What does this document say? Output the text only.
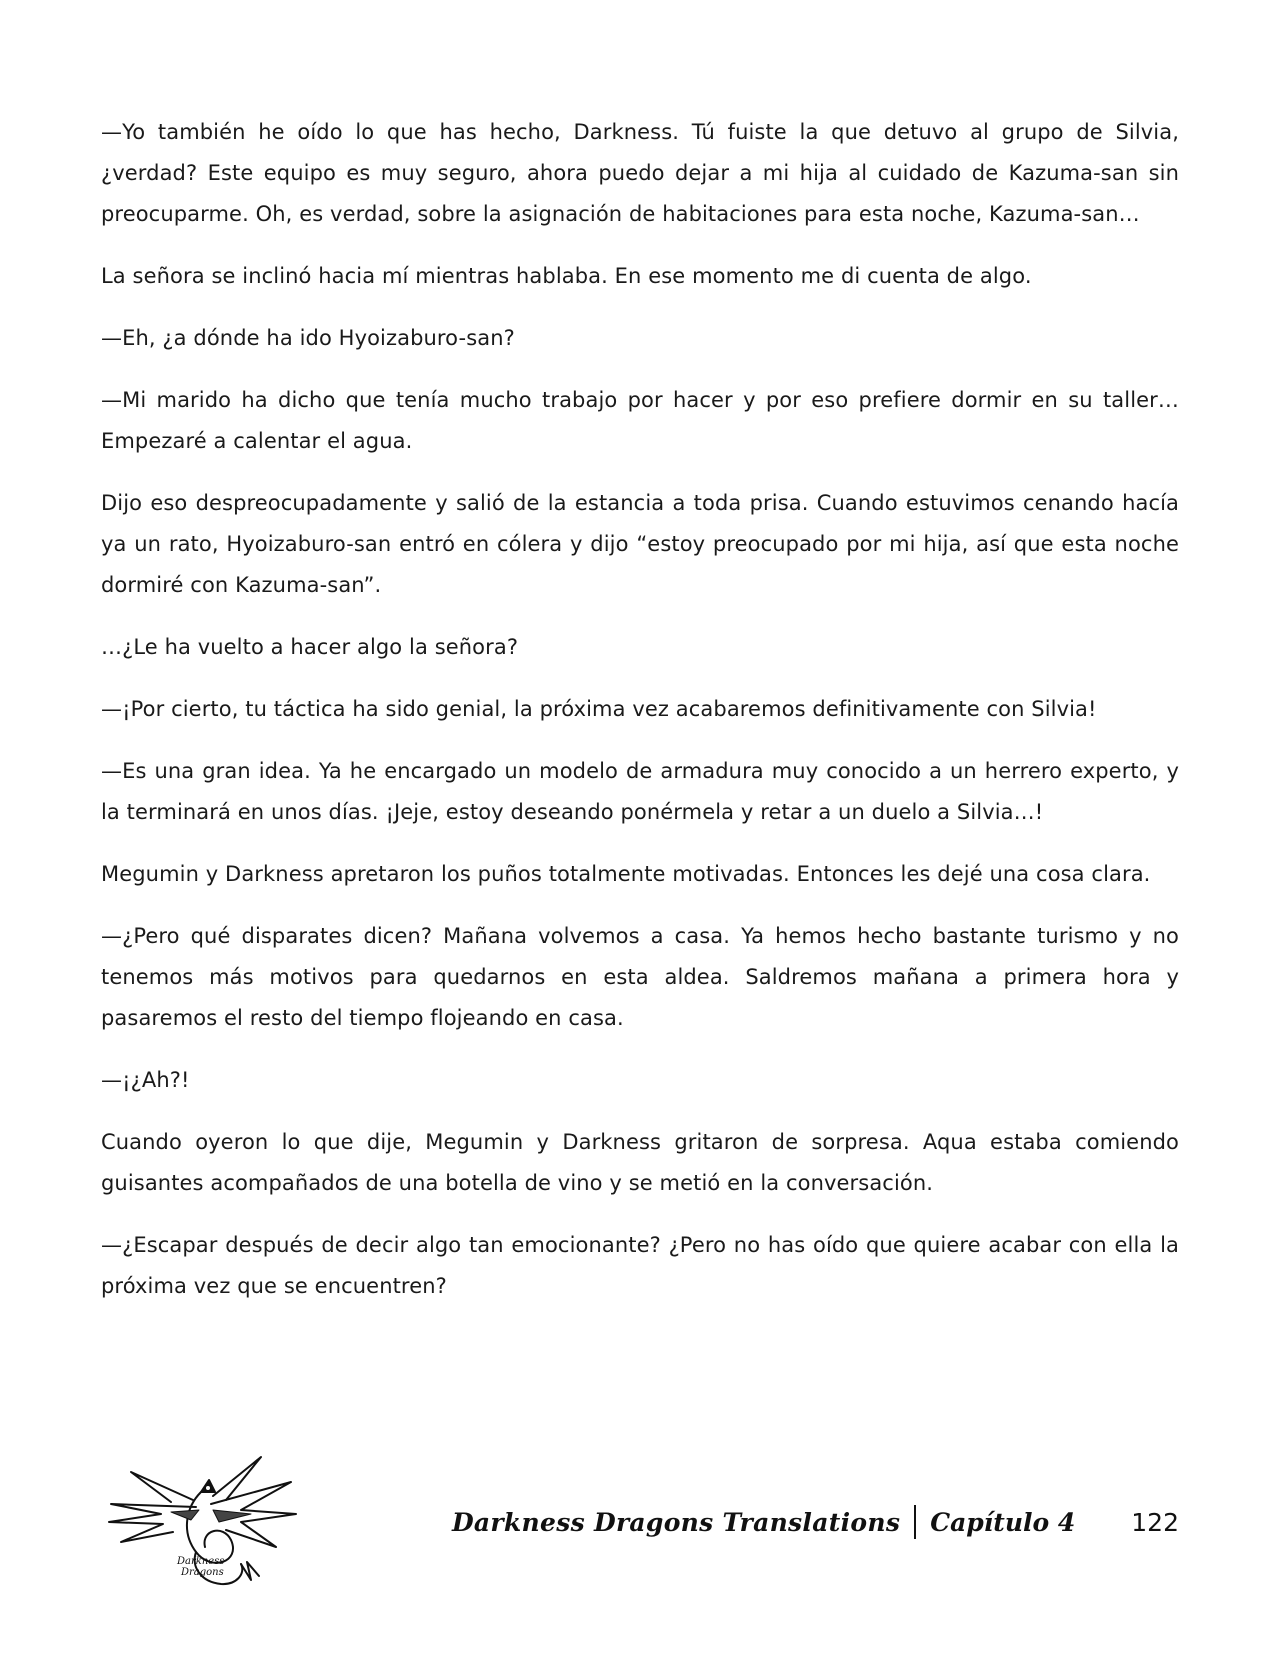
—Yo también he oído lo que has hecho, Darkness. Tú fuiste la que detuvo al grupo de Silvia, ¿verdad? Este equipo es muy seguro, ahora puedo dejar a mi hija al cuidado de Kazuma-san sin preocuparme. Oh, es verdad, sobre la asignación de habitaciones para esta noche, Kazuma-san…

La señora se inclinó hacia mí mientras hablaba. En ese momento me di cuenta de algo.

—Eh, ¿a dónde ha ido Hyoizaburo-san?

—Mi marido ha dicho que tenía mucho trabajo por hacer y por eso prefiere dormir en su taller… Empezaré a calentar el agua.

Dijo eso despreocupadamente y salió de la estancia a toda prisa. Cuando estuvimos cenando hacía ya un rato, Hyoizaburo-san entró en cólera y dijo “estoy preocupado por mi hija, así que esta noche dormiré con Kazuma-san”.

…¿Le ha vuelto a hacer algo la señora?

—¡Por cierto, tu táctica ha sido genial, la próxima vez acabaremos definitivamente con Silvia!

—Es una gran idea. Ya he encargado un modelo de armadura muy conocido a un herrero experto, y la terminará en unos días. ¡Jeje, estoy deseando ponérmela y retar a un duelo a Silvia…!

Megumin y Darkness apretaron los puños totalmente motivadas. Entonces les dejé una cosa clara.

—¿Pero qué disparates dicen? Mañana volvemos a casa. Ya hemos hecho bastante turismo y no tenemos más motivos para quedarnos en esta aldea. Saldremos mañana a primera hora y pasaremos el resto del tiempo flojeando en casa.

—¡¿Ah?!

Cuando oyeron lo que dije, Megumin y Darkness gritaron de sorpresa. Aqua estaba comiendo guisantes acompañados de una botella de vino y se metió en la conversación.

—¿Escapar después de decir algo tan emocionante? ¿Pero no has oído que quiere acabar con ella la próxima vez que se encuentren?

Darkness
Dragons
Darkness Dragons Translations Capítulo 4 122
